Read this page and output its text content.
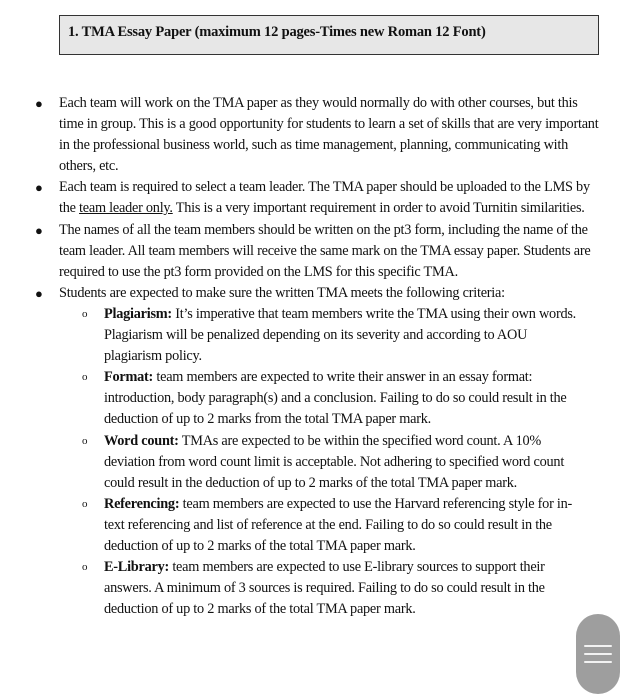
1. TMA Essay Paper (maximum 12 pages-Times new Roman 12 Font)
● Each team will work on the TMA paper as they would normally do with other courses, but this time in group. This is a good opportunity for students to learn a set of skills that are very important in the professional business world, such as time management, planning, communicating with others, etc.
● Each team is required to select a team leader. The TMA paper should be uploaded to the LMS by the team leader only. This is a very important requirement in order to avoid Turnitin similarities.
● The names of all the team members should be written on the pt3 form, including the name of the team leader. All team members will receive the same mark on the TMA essay paper. Students are required to use the pt3 form provided on the LMS for this specific TMA.
● Students are expected to make sure the written TMA meets the following criteria:
o Plagiarism: It’s imperative that team members write the TMA using their own words. Plagiarism will be penalized depending on its severity and according to AOU plagiarism policy.
o Format: team members are expected to write their answer in an essay format: introduction, body paragraph(s) and a conclusion. Failing to do so could result in the deduction of up to 2 marks from the total TMA paper mark.
o Word count: TMAs are expected to be within the specified word count. A 10% deviation from word count limit is acceptable. Not adhering to specified word count could result in the deduction of up to 2 marks of the total TMA paper mark.
o Referencing: team members are expected to use the Harvard referencing style for in-text referencing and list of reference at the end. Failing to do so could result in the deduction of up to 2 marks of the total TMA paper mark.
o E-Library: team members are expected to use E-library sources to support their answers. A minimum of 3 sources is required. Failing to do so could result in the deduction of up to 2 marks of the total TMA paper mark.
